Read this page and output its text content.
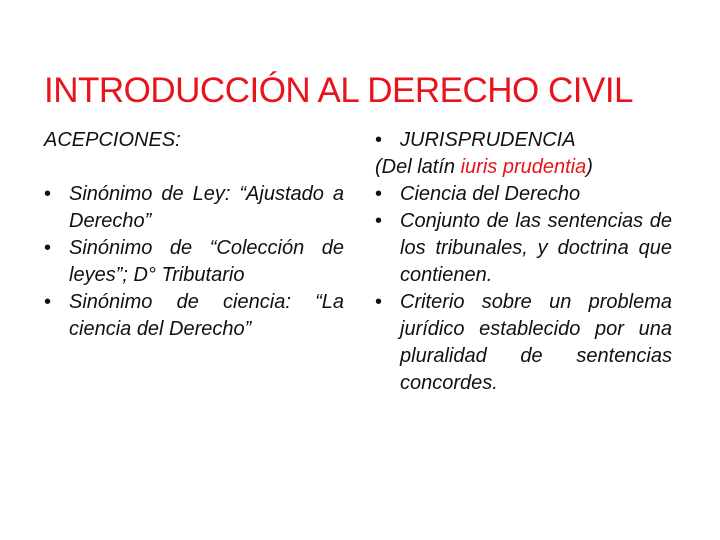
INTRODUCCIÓN AL DERECHO CIVIL
ACEPCIONES:
• Sinónimo de Ley: “Ajustado a Derecho”
• Sinónimo de “Colección de leyes”; D° Tributario
• Sinónimo de ciencia: “La ciencia del Derecho”
• JURISPRUDENCIA
(Del latín iuris prudentia)
• Ciencia del Derecho
• Conjunto de las sentencias de los tribunales, y doctrina que contienen.
• Criterio sobre un problema jurídico establecido por una pluralidad de sentencias concordes.
